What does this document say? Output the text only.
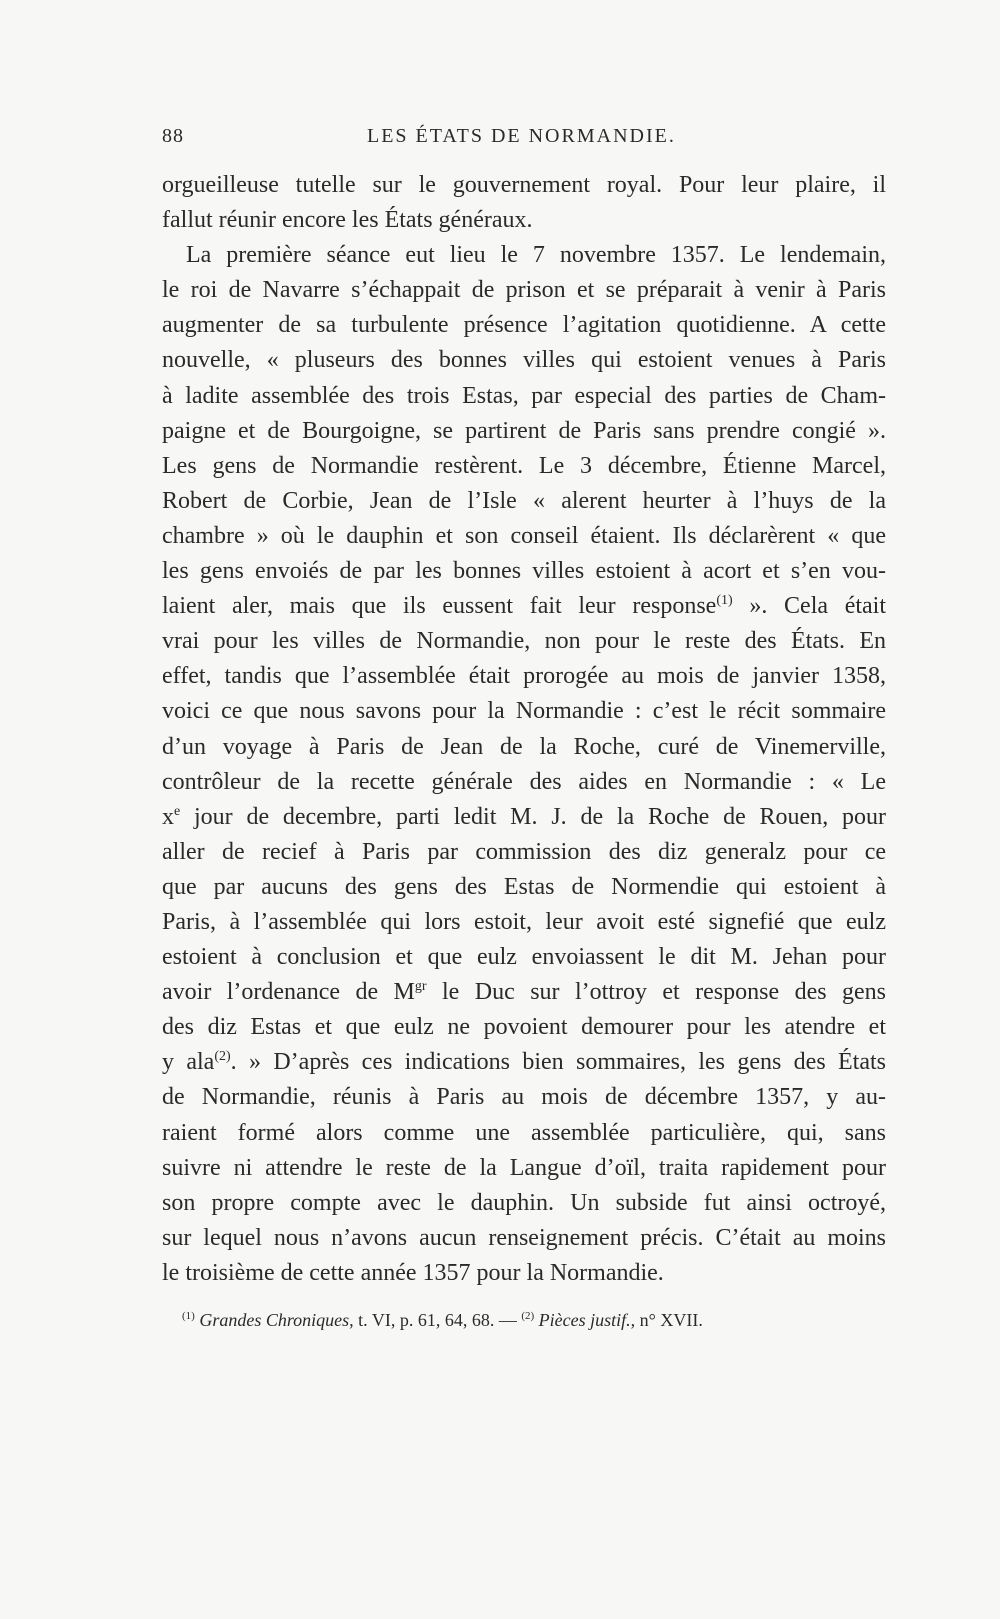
88	LES ÉTATS DE NORMANDIE.
orgueilleuse tutelle sur le gouvernement royal. Pour leur plaire, il
fallut réunir encore les États généraux.
La première séance eut lieu le 7 novembre 1357. Le lendemain,
le roi de Navarre s’échappait de prison et se préparait à venir à Paris
augmenter de sa turbulente présence l’agitation quotidienne. A cette
nouvelle, « pluseurs des bonnes villes qui estoient venues à Paris
à ladite assemblée des trois Estas, par especial des parties de Cham-
paigne et de Bourgoigne, se partirent de Paris sans prendre congié ».
Les gens de Normandie restèrent. Le 3 décembre, Étienne Marcel,
Robert de Corbie, Jean de l’Isle « alerent heurter à l’huys de la
chambre » où le dauphin et son conseil étaient. Ils déclarèrent « que
les gens envoiés de par les bonnes villes estoient à acort et s’en vou-
laient aler, mais que ils eussent fait leur response$^{(1)}$ ». Cela était
vrai pour les villes de Normandie, non pour le reste des États. En
effet, tandis que l’assemblée était prorogée au mois de janvier 1358,
voici ce que nous savons pour la Normandie : c’est le récit sommaire
d’un voyage à Paris de Jean de la Roche, curé de Vinemerville,
contrôleur de la recette générale des aides en Normandie : « Le
$x^e$ jour de decembre, parti ledit M. J. de la Roche de Rouen, pour
aller de recief à Paris par commission des diz generalz pour ce
que par aucuns des gens des Estas de Normendie qui estoient à
Paris, à l’assemblée qui lors estoit, leur avoit esté signefié que eulz
estoient à conclusion et que eulz envoiassent le dit M. Jehan pour
avoir l’ordenance de $M^{gr}$ le Duc sur l’ottroy et response des gens
des diz Estas et que eulz ne povoient demourer pour les atendre et
y ala$^{(2)}$. » D’après ces indications bien sommaires, les gens des États
de Normandie, réunis à Paris au mois de décembre 1357, y au-
raient formé alors comme une assemblée particulière, qui, sans
suivre ni attendre le reste de la Langue d’oïl, traita rapidement pour
son propre compte avec le dauphin. Un subside fut ainsi octroyé,
sur lequel nous n’avons aucun renseignement précis. C’était au moins
le troisième de cette année 1357 pour la Normandie.
$^{(1)}$ Grandes Chroniques, t. VI, p. 61, 64, 68. — $^{(2)}$ Pièces justif., n° XVII.
